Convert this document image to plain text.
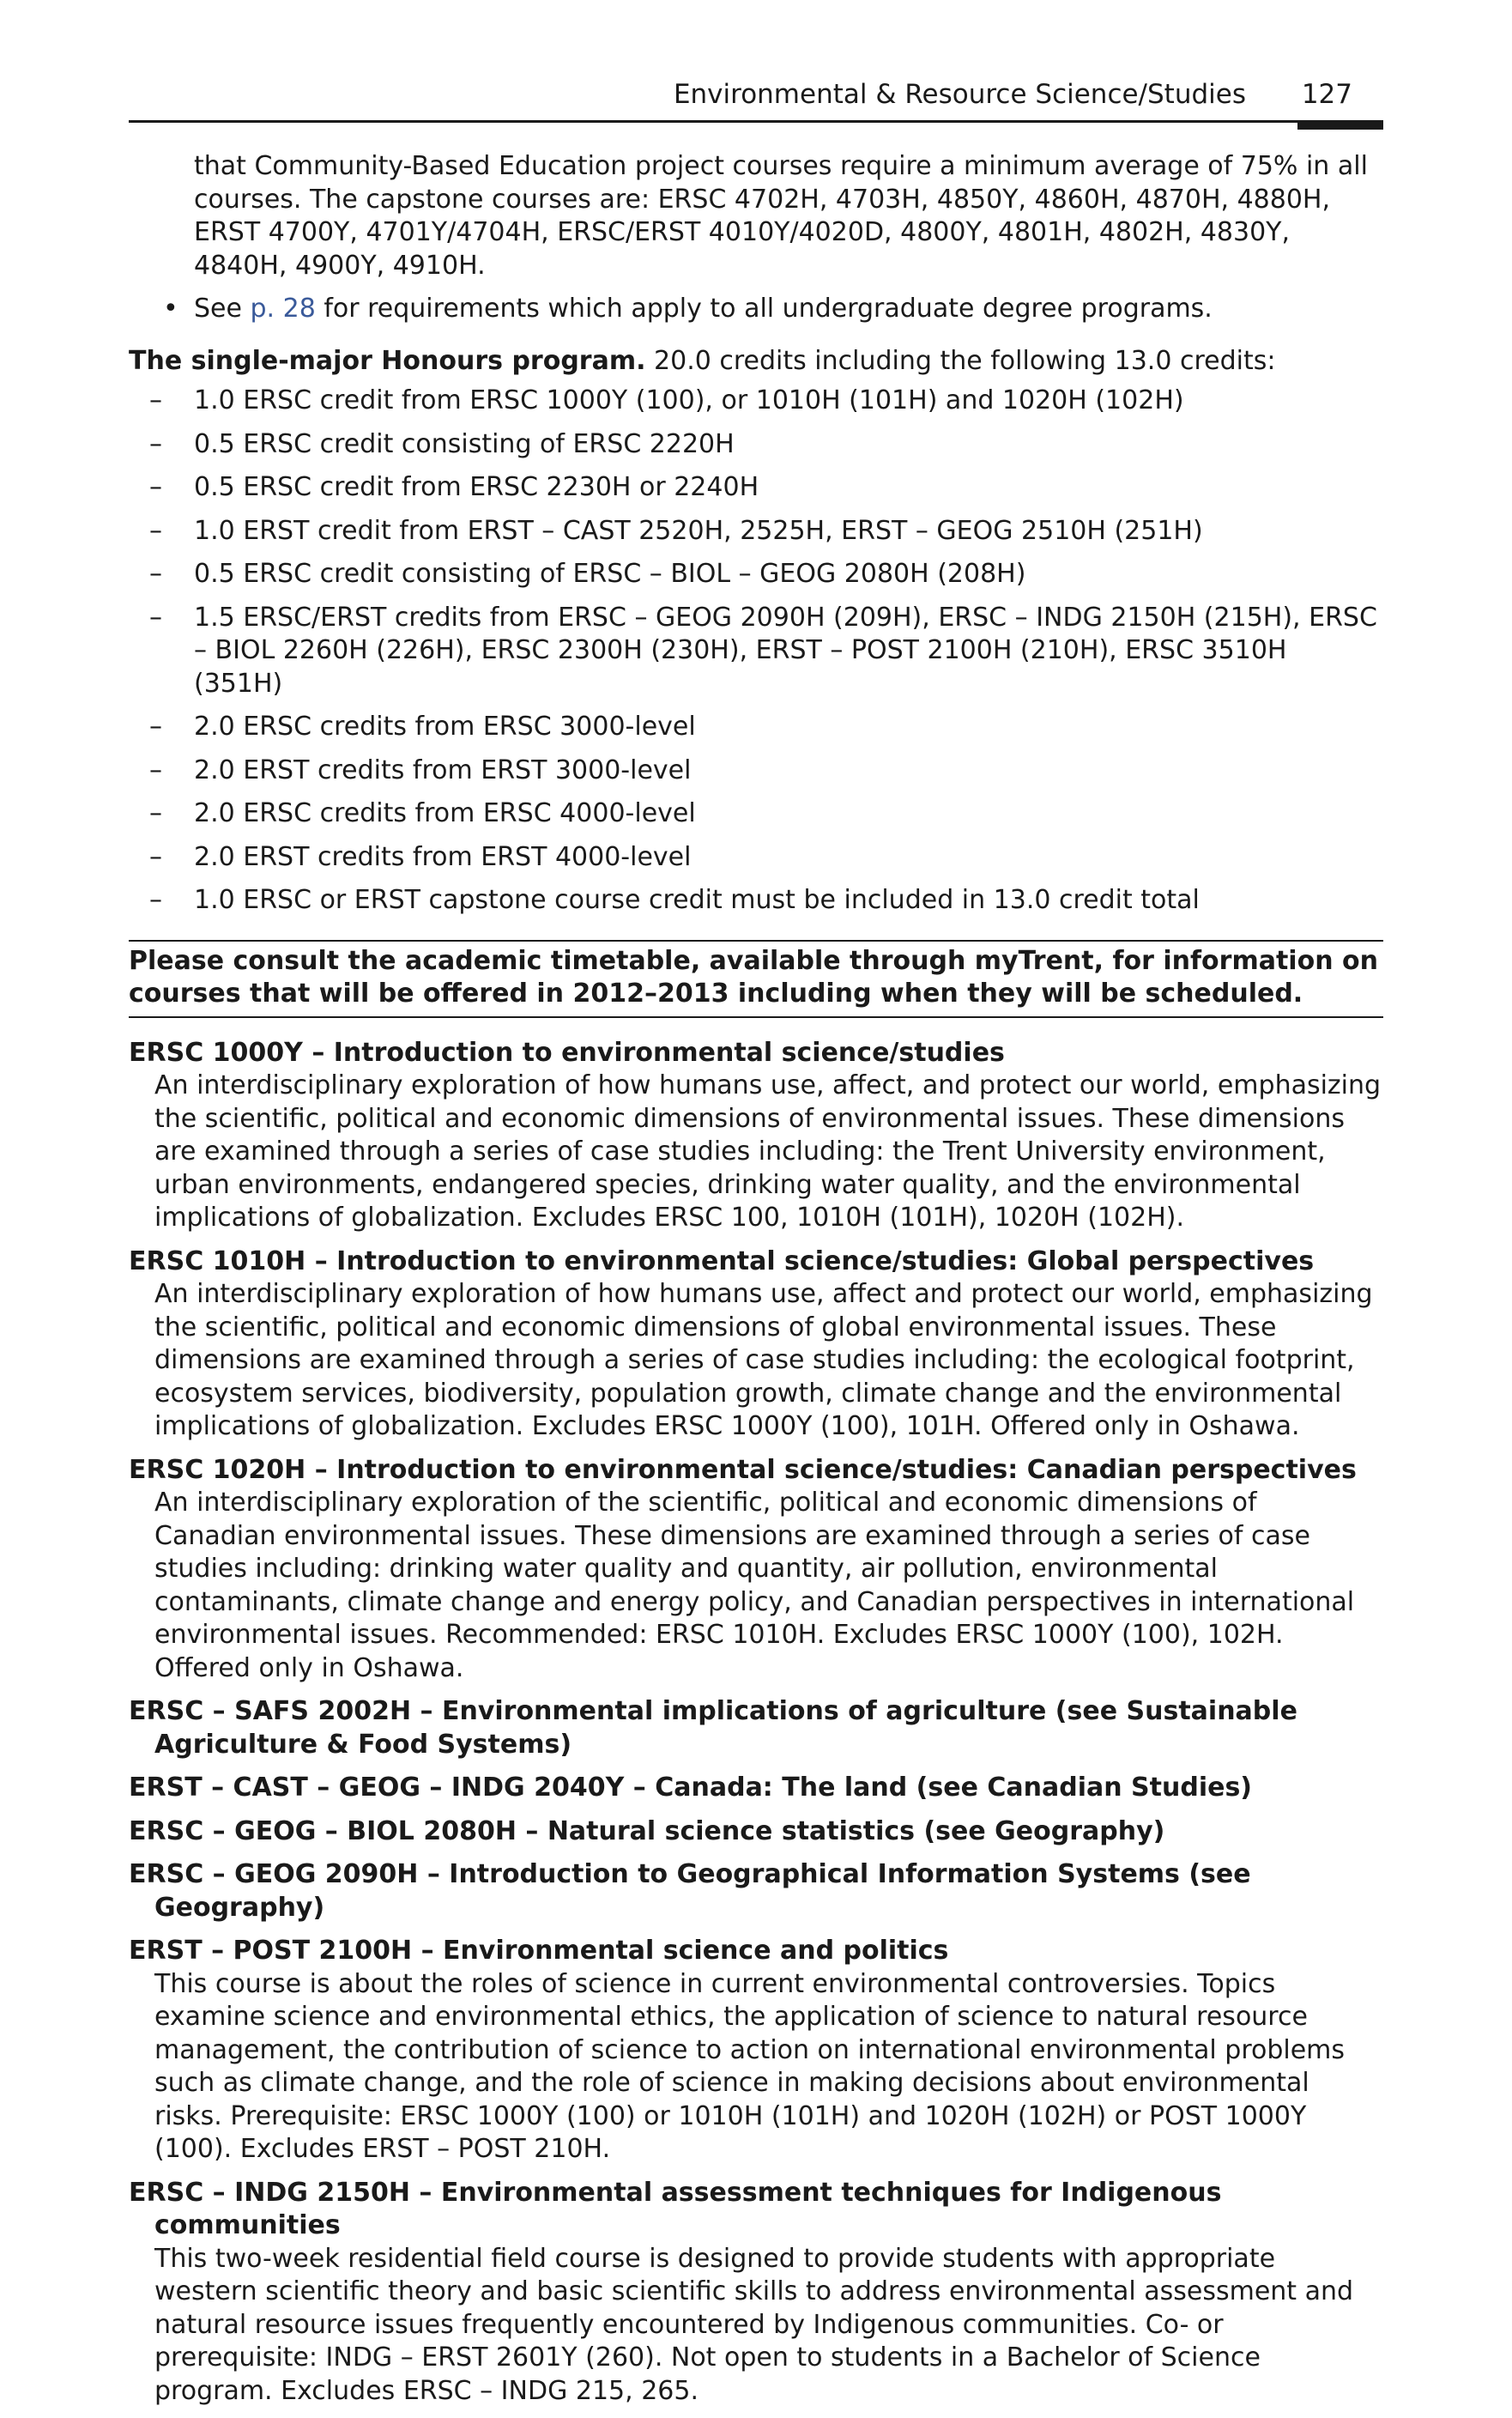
Environmental & Resource Science/Studies 127

that Community-Based Education project courses require a minimum average of 75% in all courses. The capstone courses are: ERSC 4702H, 4703H, 4850Y, 4860H, 4870H, 4880H, ERST 4700Y, 4701Y/4704H, ERSC/ERST 4010Y/4020D, 4800Y, 4801H, 4802H, 4830Y, 4840H, 4900Y, 4910H.

• See p. 28 for requirements which apply to all undergraduate degree programs.
The single-major Honours program. 20.0 credits including the following 13.0 credits:
– 1.0 ERSC credit from ERSC 1000Y (100), or 1010H (101H) and 1020H (102H)
– 0.5 ERSC credit consisting of ERSC 2220H
– 0.5 ERSC credit from ERSC 2230H or 2240H
– 1.0 ERST credit from ERST – CAST 2520H, 2525H, ERST – GEOG 2510H (251H)
– 0.5 ERSC credit consisting of ERSC – BIOL – GEOG 2080H (208H)
– 1.5 ERSC/ERST credits from ERSC – GEOG 2090H (209H), ERSC – INDG 2150H (215H), ERSC – BIOL 2260H (226H), ERSC 2300H (230H), ERST – POST 2100H (210H), ERSC 3510H (351H)
– 2.0 ERSC credits from ERSC 3000-level
– 2.0 ERST credits from ERST 3000-level
– 2.0 ERSC credits from ERSC 4000-level
– 2.0 ERST credits from ERST 4000-level
– 1.0 ERSC or ERST capstone course credit must be included in 13.0 credit total
Please consult the academic timetable, available through myTrent, for information on courses that will be offered in 2012–2013 including when they will be scheduled.
ERSC 1000Y – Introduction to environmental science/studies
An interdisciplinary exploration of how humans use, affect, and protect our world, emphasizing the scientific, political and economic dimensions of environmental issues. These dimensions are examined through a series of case studies including: the Trent University environment, urban environments, endangered species, drinking water quality, and the environmental implications of globalization. Excludes ERSC 100, 1010H (101H), 1020H (102H).
ERSC 1010H – Introduction to environmental science/studies: Global perspectives
An interdisciplinary exploration of how humans use, affect and protect our world, emphasizing the scientific, political and economic dimensions of global environmental issues. These dimensions are examined through a series of case studies including: the ecological footprint, ecosystem services, biodiversity, population growth, climate change and the environmental implications of globalization. Excludes ERSC 1000Y (100), 101H. Offered only in Oshawa.
ERSC 1020H – Introduction to environmental science/studies: Canadian perspectives
An interdisciplinary exploration of the scientific, political and economic dimensions of Canadian environmental issues. These dimensions are examined through a series of case studies including: drinking water quality and quantity, air pollution, environmental contaminants, climate change and energy policy, and Canadian perspectives in international environmental issues. Recommended: ERSC 1010H. Excludes ERSC 1000Y (100), 102H. Offered only in Oshawa.
ERSC – SAFS 2002H – Environmental implications of agriculture (see Sustainable Agriculture & Food Systems)
ERST – CAST – GEOG – INDG 2040Y – Canada: The land (see Canadian Studies)
ERSC – GEOG – BIOL 2080H – Natural science statistics (see Geography)
ERSC – GEOG 2090H – Introduction to Geographical Information Systems (see Geography)
ERST – POST 2100H – Environmental science and politics
This course is about the roles of science in current environmental controversies. Topics examine science and environmental ethics, the application of science to natural resource management, the contribution of science to action on international environmental problems such as climate change, and the role of science in making decisions about environmental risks. Prerequisite: ERSC 1000Y (100) or 1010H (101H) and 1020H (102H) or POST 1000Y (100). Excludes ERST – POST 210H.
ERSC – INDG 2150H – Environmental assessment techniques for Indigenous communities
This two-week residential field course is designed to provide students with appropriate western scientific theory and basic scientific skills to address environmental assessment and natural resource issues frequently encountered by Indigenous communities. Co- or prerequisite: INDG – ERST 2601Y (260). Not open to students in a Bachelor of Science program. Excludes ERSC – INDG 215, 265.
